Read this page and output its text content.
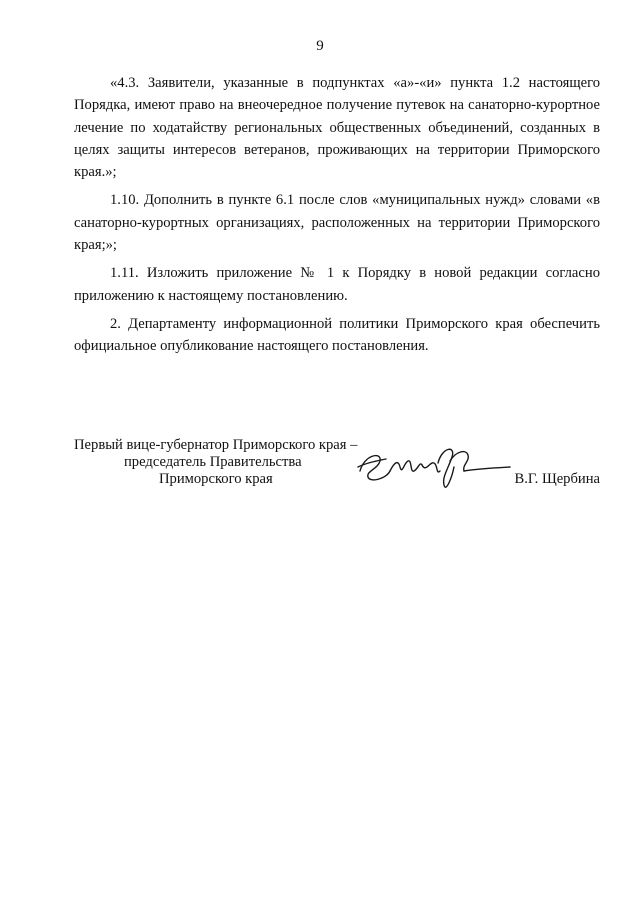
9

«4.3. Заявители, указанные в подпунктах «а»-«и» пункта 1.2 настоящего Порядка, имеют право на внеочередное получение путевок на санаторно-курортное лечение по ходатайству региональных общественных объединений, созданных в целях защиты интересов ветеранов, проживающих на территории Приморского края.»;

1.10. Дополнить в пункте 6.1 после слов «муниципальных нужд» словами «в санаторно-курортных организациях, расположенных на территории Приморского края;»;

1.11. Изложить приложение № 1 к Порядку в новой редакции согласно приложению к настоящему постановлению.

2. Департаменту информационной политики Приморского края обеспечить официальное опубликование настоящего постановления.

Первый вице-губернатор Приморского края –
председатель Правительства
Приморского края	В.Г. Щербина
